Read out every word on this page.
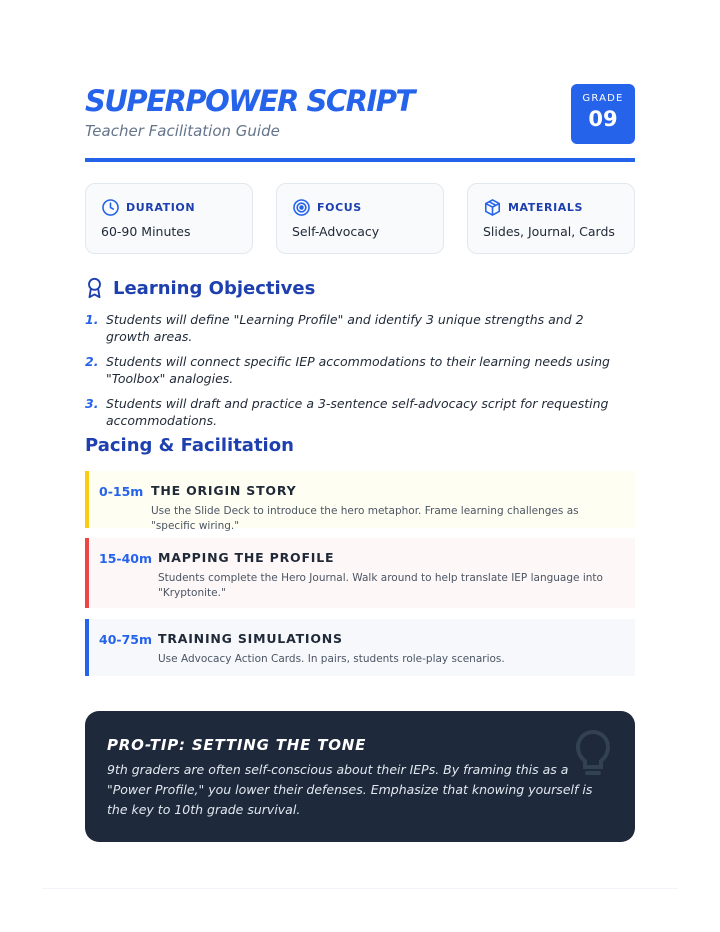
SUPERPOWER SCRIPT
Teacher Facilitation Guide
GRADE
09
DURATION
60-90 Minutes
FOCUS
Self-Advocacy
MATERIALS
Slides, Journal, Cards
Learning Objectives
1. Students will define "Learning Profile" and identify 3 unique strengths and 2 growth areas.
2. Students will connect specific IEP accommodations to their learning needs using "Toolbox" analogies.
3. Students will draft and practice a 3-sentence self-advocacy script for requesting accommodations.
Pacing & Facilitation
0-15m THE ORIGIN STORY
Use the Slide Deck to introduce the hero metaphor. Frame learning challenges as "specific wiring."
15-40m MAPPING THE PROFILE
Students complete the Hero Journal. Walk around to help translate IEP language into "Kryptonite."
40-75m TRAINING SIMULATIONS
Use Advocacy Action Cards. In pairs, students role-play scenarios.
PRO-TIP: SETTING THE TONE
9th graders are often self-conscious about their IEPs. By framing this as a "Power Profile," you lower their defenses. Emphasize that knowing yourself is the key to 10th grade survival.
